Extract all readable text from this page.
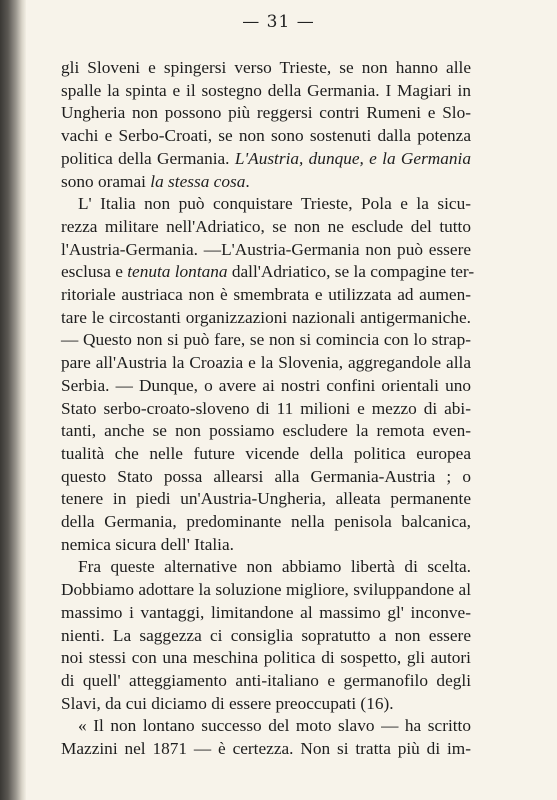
— 31 —
gli Sloveni e spingersi verso Trieste, se non hanno alle
spalle la spinta e il sostegno della Germania. I Magiari in
Ungheria non possono più reggersi contri Rumeni e Slo-
vachi e Serbo-Croati, se non sono sostenuti dalla potenza
politica della Germania. L'Austria, dunque, e la Germania
sono oramai la stessa cosa.
L' Italia non può conquistare Trieste, Pola e la sicu-
rezza militare nell'Adriatico, se non ne esclude del tutto
l'Austria-Germania. —L'Austria-Germania non può essere
esclusa e tenuta lontana dall'Adriatico, se la compagine ter-
ritoriale austriaca non è smembrata e utilizzata ad aumen-
tare le circostanti organizzazioni nazionali antigermaniche.
— Questo non si può fare, se non si comincia con lo strap-
pare all'Austria la Croazia e la Slovenia, aggregandole alla
Serbia. — Dunque, o avere ai nostri confini orientali uno
Stato serbo-croato-sloveno di 11 milioni e mezzo di abi-
tanti, anche se non possiamo escludere la remota even-
tualità che nelle future vicende della politica europea
questo Stato possa allearsi alla Germania-Austria ; o
tenere in piedi un'Austria-Ungheria, alleata permanente
della Germania, predominante nella penisola balcanica,
nemica sicura dell' Italia.
Fra queste alternative non abbiamo libertà di scelta.
Dobbiamo adottare la soluzione migliore, sviluppandone al
massimo i vantaggi, limitandone al massimo gl' inconve-
nienti. La saggezza ci consiglia sopratutto a non essere
noi stessi con una meschina politica di sospetto, gli autori
di quell' atteggiamento anti-italiano e germanofilo degli
Slavi, da cui diciamo di essere preoccupati (16).
« Il non lontano successo del moto slavo — ha scritto
Mazzini nel 1871 — è certezza. Non si tratta più di im-
